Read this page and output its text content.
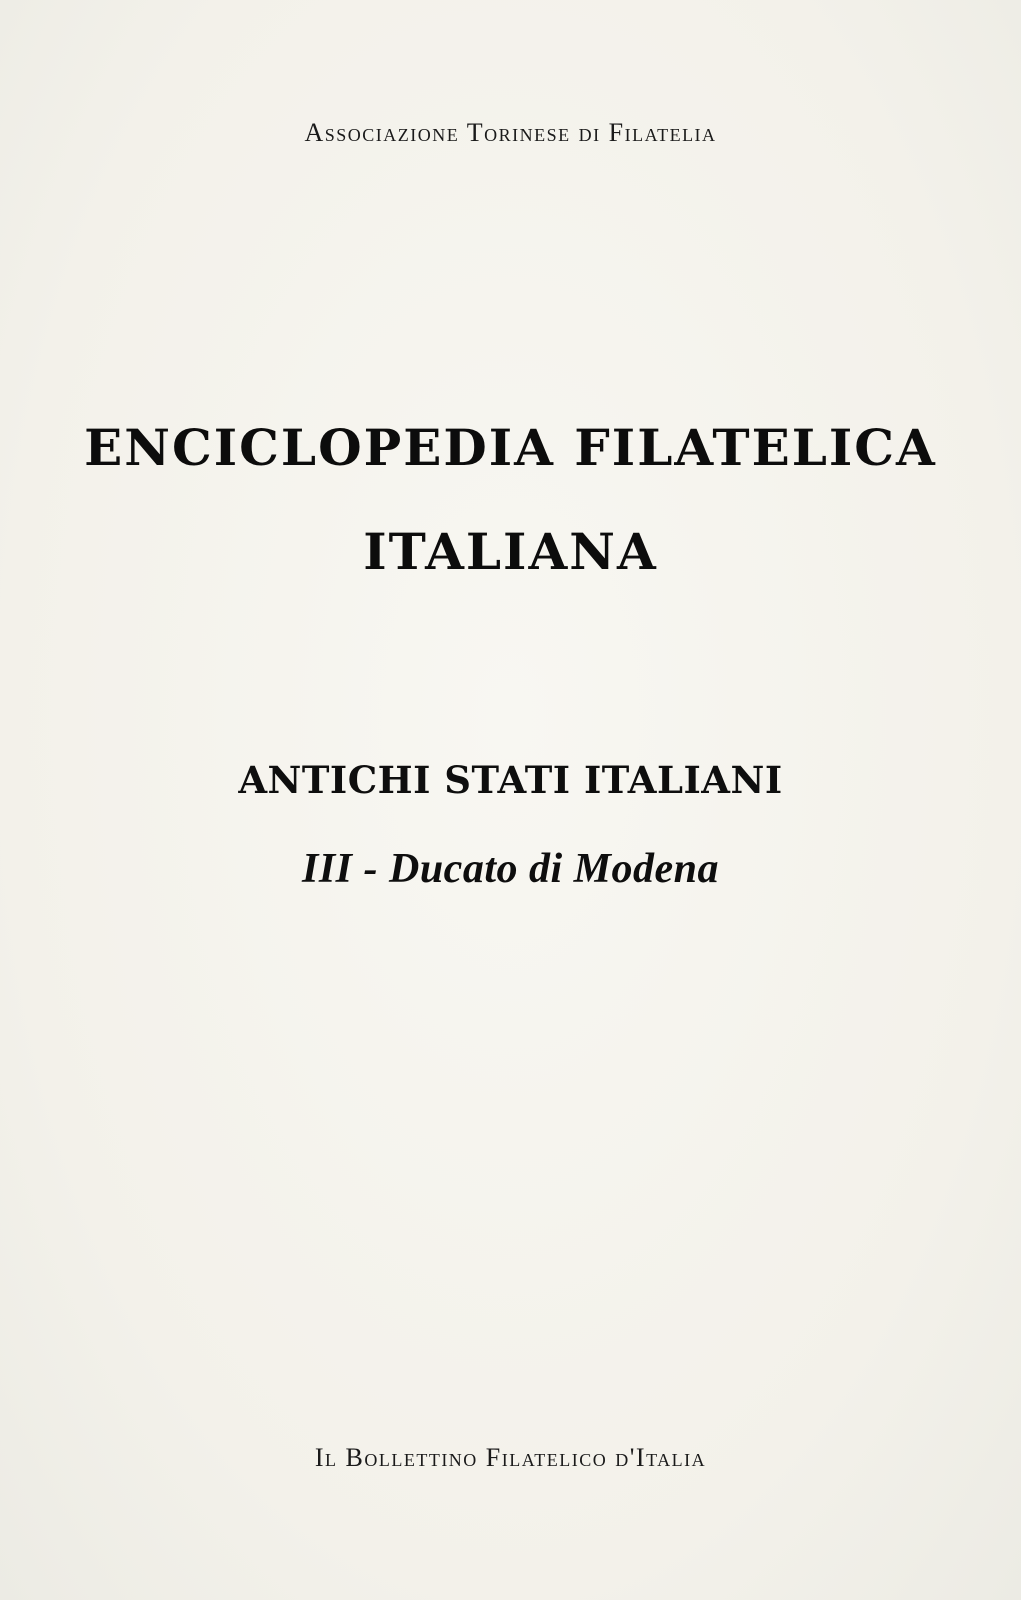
Associazione Torinese di Filatelia
ENCICLOPEDIA FILATELICA
ITALIANA
ANTICHI STATI ITALIANI
III - Ducato di Modena
Il Bollettino Filatelico d'Italia
